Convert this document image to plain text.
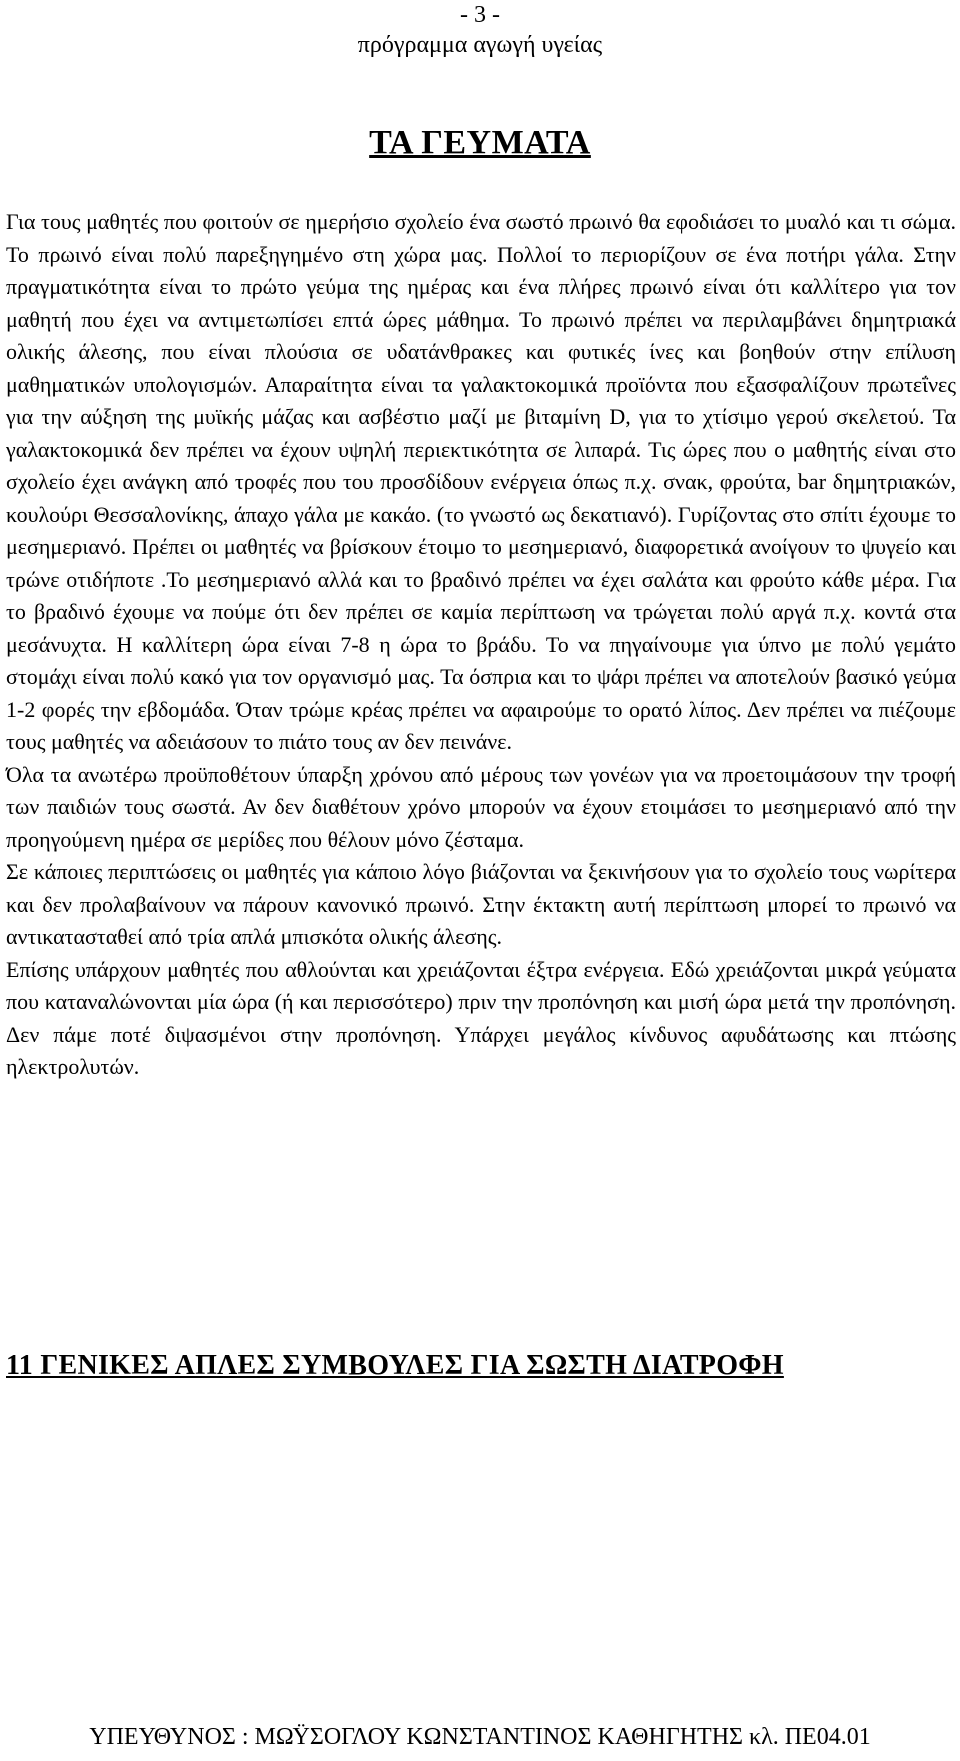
- 3 -
πρόγραμμα αγωγή υγείας
ΤΑ ΓΕΥΜΑΤΑ

Για τους μαθητές που φοιτούν σε ημερήσιο σχολείο ένα σωστό πρωινό θα εφοδιάσει το μυαλό και τι σώμα. Το πρωινό είναι πολύ παρεξηγημένο στη χώρα μας. Πολλοί το περιορίζουν σε ένα ποτήρι γάλα. Στην πραγματικότητα είναι το πρώτο γεύμα της ημέρας και ένα πλήρες πρωινό είναι ότι καλλίτερο για τον μαθητή που έχει να αντιμετωπίσει επτά ώρες μάθημα. Το πρωινό πρέπει να περιλαμβάνει δημητριακά ολικής άλεσης, που είναι πλούσια σε υδατάνθρακες και φυτικές ίνες και βοηθούν στην επίλυση μαθηματικών υπολογισμών. Απαραίτητα είναι τα γαλακτοκομικά προϊόντα που εξασφαλίζουν πρωτεΐνες για την αύξηση της μυϊκής μάζας και ασβέστιο μαζί με βιταμίνη D, για το χτίσιμο γερού σκελετού. Τα γαλακτοκομικά δεν πρέπει να έχουν υψηλή περιεκτικότητα σε λιπαρά. Τις ώρες που ο μαθητής είναι στο σχολείο έχει ανάγκη από τροφές που του προσδίδουν ενέργεια όπως π.χ. σνακ, φρούτα, bar δημητριακών, κουλούρι Θεσσαλονίκης, άπαχο γάλα με κακάο. (το γνωστό ως δεκατιανό). Γυρίζοντας στο σπίτι έχουμε το μεσημεριανό. Πρέπει οι μαθητές να βρίσκουν έτοιμο το μεσημεριανό, διαφορετικά ανοίγουν το ψυγείο και τρώνε οτιδήποτε .Το μεσημεριανό αλλά και το βραδινό πρέπει να έχει σαλάτα και φρούτο κάθε μέρα. Για το βραδινό έχουμε να πούμε ότι δεν πρέπει σε καμία περίπτωση να τρώγεται πολύ αργά π.χ. κοντά στα μεσάνυχτα. Η καλλίτερη ώρα είναι 7-8 η ώρα το βράδυ. Το να πηγαίνουμε για ύπνο με πολύ γεμάτο στομάχι είναι πολύ κακό για τον οργανισμό μας. Τα όσπρια και το ψάρι πρέπει να αποτελούν βασικό γεύμα 1-2 φορές την εβδομάδα. Όταν τρώμε κρέας πρέπει να αφαιρούμε το ορατό λίπος. Δεν πρέπει να πιέζουμε τους μαθητές να αδειάσουν το πιάτο τους αν δεν πεινάνε.

Όλα τα ανωτέρω προϋποθέτουν ύπαρξη χρόνου από μέρους των γονέων για να προετοιμάσουν την τροφή των παιδιών τους σωστά. Αν δεν διαθέτουν χρόνο μπορούν να έχουν ετοιμάσει το μεσημεριανό από την προηγούμενη ημέρα σε μερίδες που θέλουν μόνο ζέσταμα.

Σε κάποιες περιπτώσεις οι μαθητές για κάποιο λόγο βιάζονται να ξεκινήσουν για το σχολείο τους νωρίτερα και δεν προλαβαίνουν να πάρουν κανονικό πρωινό. Στην έκτακτη αυτή περίπτωση μπορεί το πρωινό να αντικατασταθεί από τρία απλά μπισκότα ολικής άλεσης.

Επίσης υπάρχουν μαθητές που αθλούνται και χρειάζονται έξτρα ενέργεια. Εδώ χρειάζονται μικρά γεύματα που καταναλώνονται μία ώρα (ή και περισσότερο) πριν την προπόνηση και μισή ώρα μετά την προπόνηση. Δεν πάμε ποτέ διψασμένοι στην προπόνηση. Υπάρχει μεγάλος κίνδυνος αφυδάτωσης και πτώσης ηλεκτρολυτών.

11 ΓΕΝΙΚΕΣ ΑΠΛΕΣ ΣΥΜΒΟΥΛΕΣ ΓΙΑ ΣΩΣΤΗ ΔΙΑΤΡΟΦΗ
ΥΠΕΥΘΥΝΟΣ : ΜΩΫΣΟΓΛΟΥ ΚΩΝΣΤΑΝΤΙΝΟΣ ΚΑΘΗΓΗΤΗΣ κλ. ΠΕ04.01
